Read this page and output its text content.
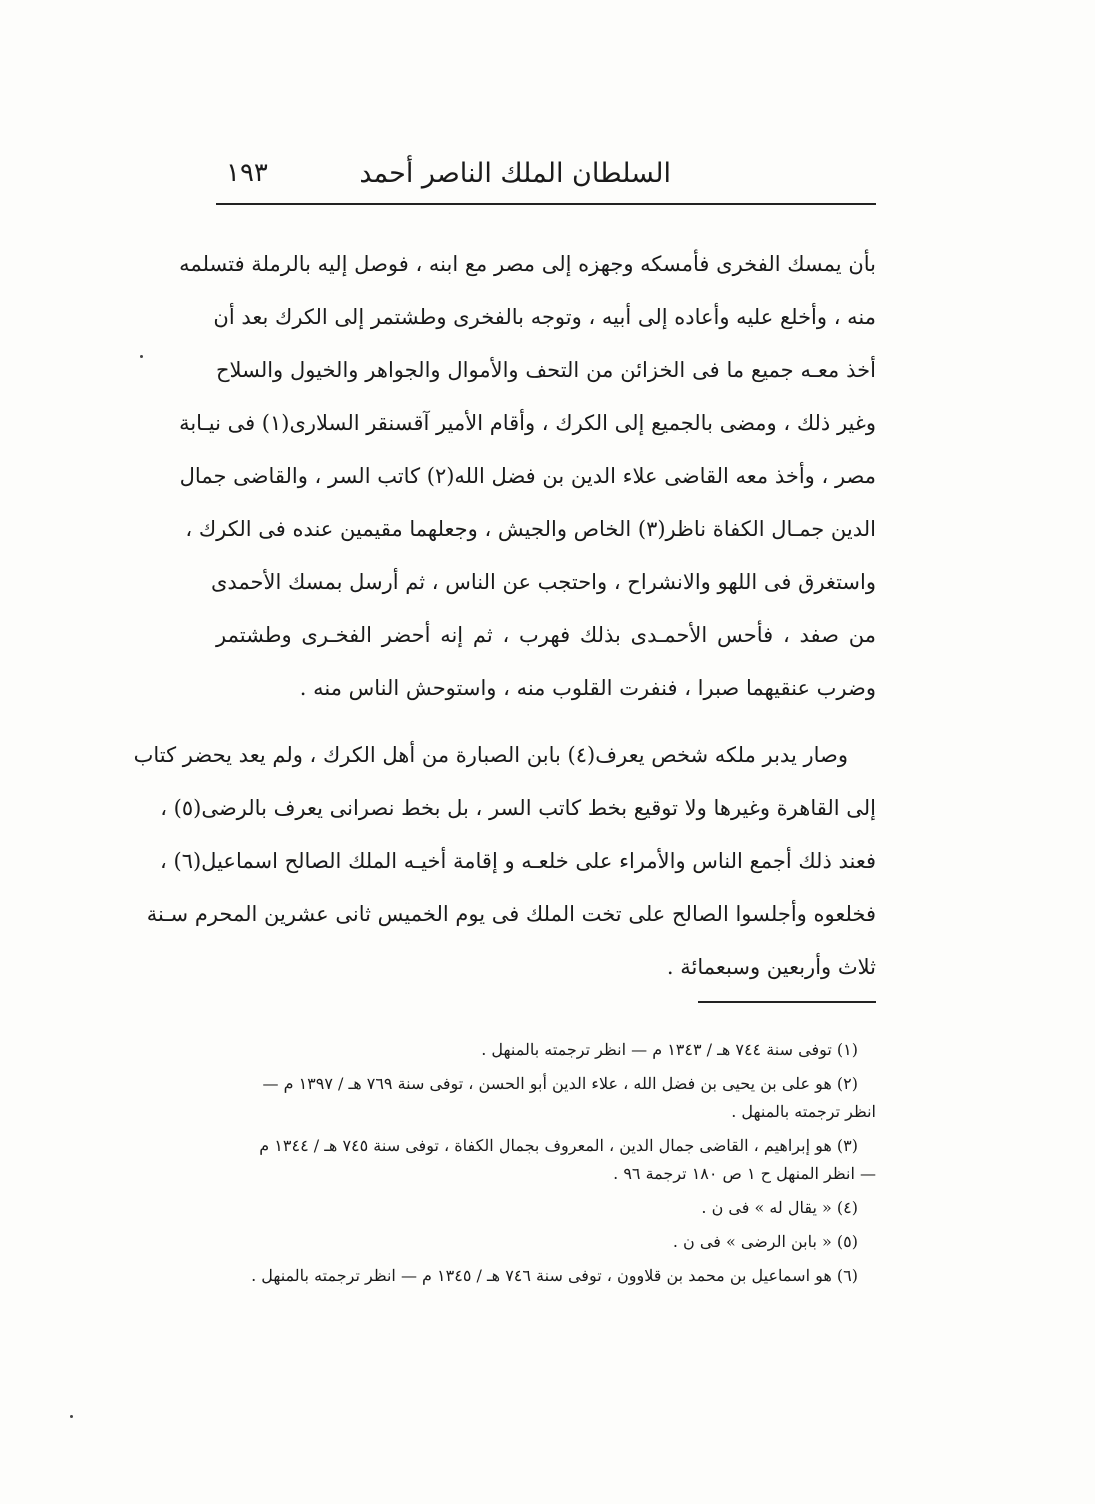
السلطان الملك الناصر أحمد
١٩٣
بأن يمسك الفخرى فأمسكه وجهزه إلى مصر مع ابنه ، فوصل إليه بالرملة فتسلمه
منه ، وأخلع عليه وأعاده إلى أبيه ، وتوجه بالفخرى وطشتمر إلى الكرك بعد أن
أخذ معـه جميع ما فى الخزائن من التحف والأموال والجواهر والخيول والسلاح
وغير ذلك ، ومضى بالجميع إلى الكرك ، وأقام الأمير آقسنقر السلارى(١) فى نيـابة
مصر ، وأخذ معه القاضى علاء الدين بن فضل الله(٢) كاتب السر ، والقاضى جمال
الدين جمـال الكفاة ناظر(٣) الخاص والجيش ، وجعلهما مقيمين عنده فى الكرك ،
واستغرق فى اللهو والانشراح ، واحتجب عن الناس ، ثم أرسل بمسك الأحمدى
من صفد ، فأحس الأحمـدى بذلك فهرب ، ثم إنه أحضر الفخـرى وطشتمر
وضرب عنقيهما صبرا ، فنفرت القلوب منه ، واستوحش الناس منه .
وصار يدبر ملكه شخص يعرف(٤) بابن الصبارة من أهل الكرك ، ولم يعد يحضر كتاب
إلى القاهرة وغيرها ولا توقيع بخط كاتب السر ، بل بخط نصرانى يعرف بالرضى(٥) ،
فعند ذلك أجمع الناس والأمراء على خلعـه و إقامة أخيـه الملك الصالح اسماعيل(٦) ،
فخلعوه وأجلسوا الصالح على تخت الملك فى يوم الخميس ثانى عشرين المحرم سـنة
ثلاث وأربعين وسبعمائة .
(١) توفى سنة ٧٤٤ هـ / ١٣٤٣ م — انظر ترجمته بالمنهل .
(٢) هو على بن يحيى بن فضل الله ، علاء الدين أبو الحسن ، توفى سنة ٧٦٩ هـ / ١٣٩٧ م —
انظر ترجمته بالمنهل .
(٣) هو إبراهيم ، القاضى جمال الدين ، المعروف بجمال الكفاة ، توفى سنة ٧٤٥ هـ / ١٣٤٤ م
— انظر المنهل ح ١ ص ١٨٠ ترجمة ٩٦ .
(٤) « يقال له » فى ن .
(٥) « بابن الرضى » فى ن .
(٦) هو اسماعيل بن محمد بن قلاوون ، توفى سنة ٧٤٦ هـ / ١٣٤٥ م — انظر ترجمته بالمنهل .
